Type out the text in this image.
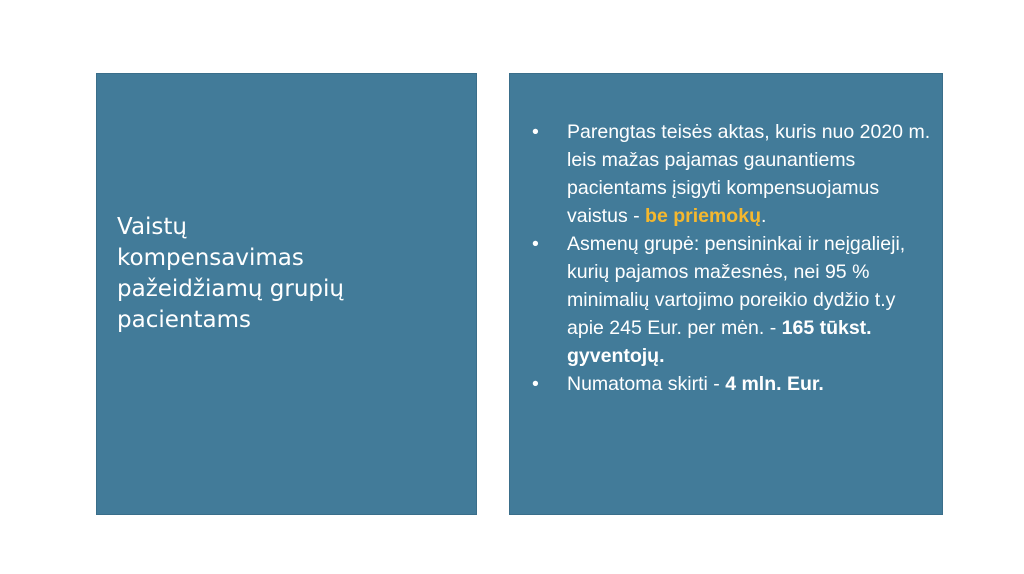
Vaistų
kompensavimas
pažeidžiamų grupių
pacientams

•	Parengtas teisės aktas, kuris nuo 2020 m. leis mažas pajamas gaunantiems pacientams įsigyti kompensuojamus vaistus - be priemokų.
•	Asmenų grupė: pensininkai ir neįgalieji, kurių pajamos mažesnės, nei 95 % minimalių vartojimo poreikio dydžio t.y apie 245 Eur. per mėn. - 165 tūkst. gyventojų.
•	Numatoma skirti - 4 mln. Eur.
